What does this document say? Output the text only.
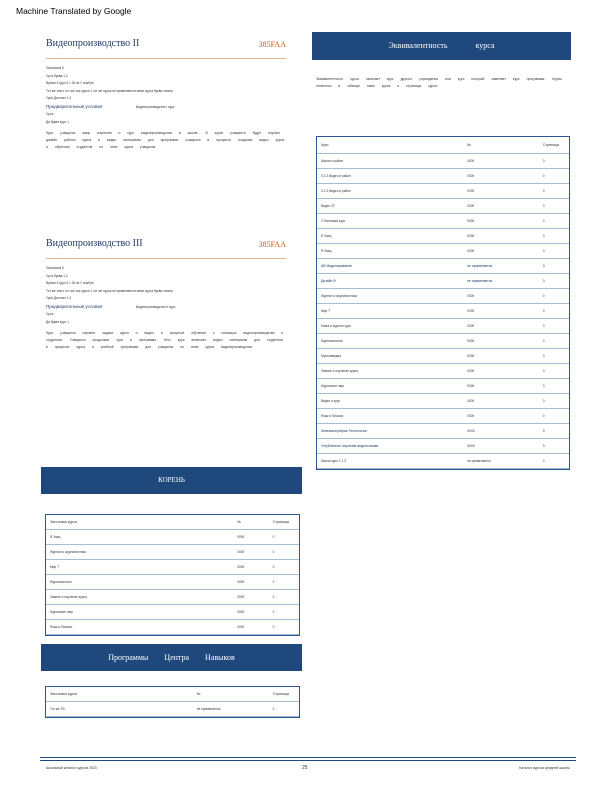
Machine Translated by Google
Видеопроизводство II	385FAA
Заголовок К
Срок буква 1-2
Время 3 курс 5 1 30 из 2 ноября
Тот же текст тот же час курса 1 тот же курса не применяется ниже курса буквы номер
Урок Да ключ 1-2
Предварительные условия	Видеопроизводство I курс
Срок
Да буква курс 1
Курс учащихся жанр изучения и курс видеопроизводства в школе. В курсе учащиеся будут изучать дизайн работы курса и видео материалы для программы учащихся в процессе создания видео курса и обучения студентов по теме курса учащихся.
Видеопроизводство III	385FAA
Заголовок К
Срок буква 1-2
Время 3 курс 5 1 30 из 2 ноября
Тот же текст тот же час курса 1 тот же курса не применяется ниже курса буквы номер
Урок Да ключ 1-2
Предварительные условия	Видеопроизводство II курс
Срок
Да буква курс 1
Курс учащиеся изучают задачи курса и видео в процессе обучения с помощью видеопроизводства и студентов. Учащиеся продолжат курс и программу. Этот курс включает видео материалы для студентов в процессе курса и учебной программы для учащихся по теме курса видеопроизводства.
КОРЕНЬ
Заголовок курса	№	Страница
Я Заяц	0000	0
Журнал и журналистика	0000	0
Мир Т	0000	0
Журналистика	0000	0
Знание и изучение курса	0000	0
Журналист мир	0000	0
Язык и Письмо	0000	0
Программы Центра Навыков
Заголовок курса	№	Страница
Тот же ТВ	не применяется	0
Эквивалентность курса
Эквивалентность курса означает курс другого учреждения или курс который заменяет курс программы. Курсы отмечены в таблице ниже курса и страницы курса.
Курс	№	Страница
Школа и район	0000	0
3 2-3 Видео и район	0000	0
3 2-3 Видео и район	0000	0
Видео 3Т	0000	0
3 Эссенция курс	0000	0
Я Заяц	0000	0
Я Заяц	0000	0
АВ Моделирование	не применяется	0
Дизайн Ф	не применяется	0
Журнал и журналистика	0000	0
Мир Т	0000	0
Книга и журнал курс	0000	0
Журналистика	0000	0
Мультимедиа	0000	0
Знание и изучение курса	0000	0
Журналист мир	0000	0
Видео и курс	0000	0
Язык и Письмо	0000	0
Кинематография Технология	0000	0
Углубленное изучение видеосъемки	0000	0
Школа курс 1 2 3	не применяется	0
Школьный каталог курсов 2023	25	Каталог курсов средней школы
